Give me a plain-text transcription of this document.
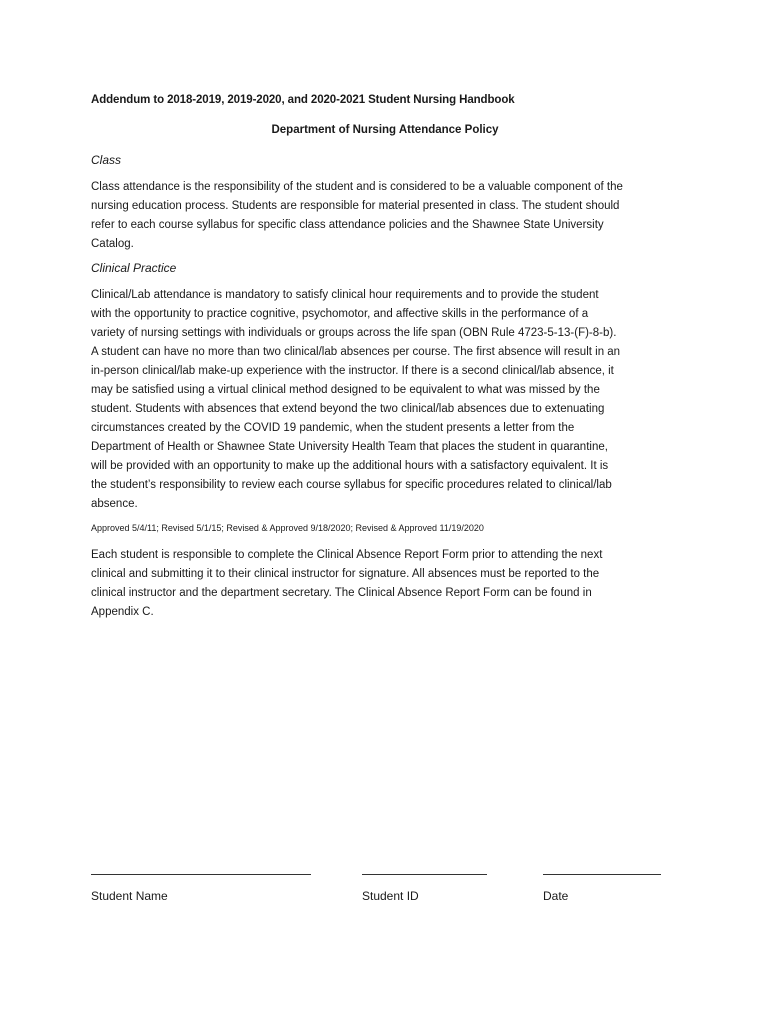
Addendum to 2018-2019, 2019-2020, and 2020-2021 Student Nursing Handbook
Department of Nursing Attendance Policy
Class
Class attendance is the responsibility of the student and is considered to be a valuable component of the
nursing education process. Students are responsible for material presented in class. The student should
refer to each course syllabus for specific class attendance policies and the Shawnee State University
Catalog.
Clinical Practice
Clinical/Lab attendance is mandatory to satisfy clinical hour requirements and to provide the student
with the opportunity to practice cognitive, psychomotor, and affective skills in the performance of a
variety of nursing settings with individuals or groups across the life span (OBN Rule 4723-5-13-(F)-8-b).
A student can have no more than two clinical/lab absences per course. The first absence will result in an
in-person clinical/lab make-up experience with the instructor. If there is a second clinical/lab absence, it
may be satisfied using a virtual clinical method designed to be equivalent to what was missed by the
student. Students with absences that extend beyond the two clinical/lab absences due to extenuating
circumstances created by the COVID 19 pandemic, when the student presents a letter from the
Department of Health or Shawnee State University Health Team that places the student in quarantine,
will be provided with an opportunity to make up the additional hours with a satisfactory equivalent. It is
the student’s responsibility to review each course syllabus for specific procedures related to clinical/lab
absence.
Approved 5/4/11; Revised 5/1/15; Revised & Approved 9/18/2020; Revised & Approved 11/19/2020
Each student is responsible to complete the Clinical Absence Report Form prior to attending the next
clinical and submitting it to their clinical instructor for signature. All absences must be reported to the
clinical instructor and the department secretary. The Clinical Absence Report Form can be found in
Appendix C.
Student Name	Student ID	Date
